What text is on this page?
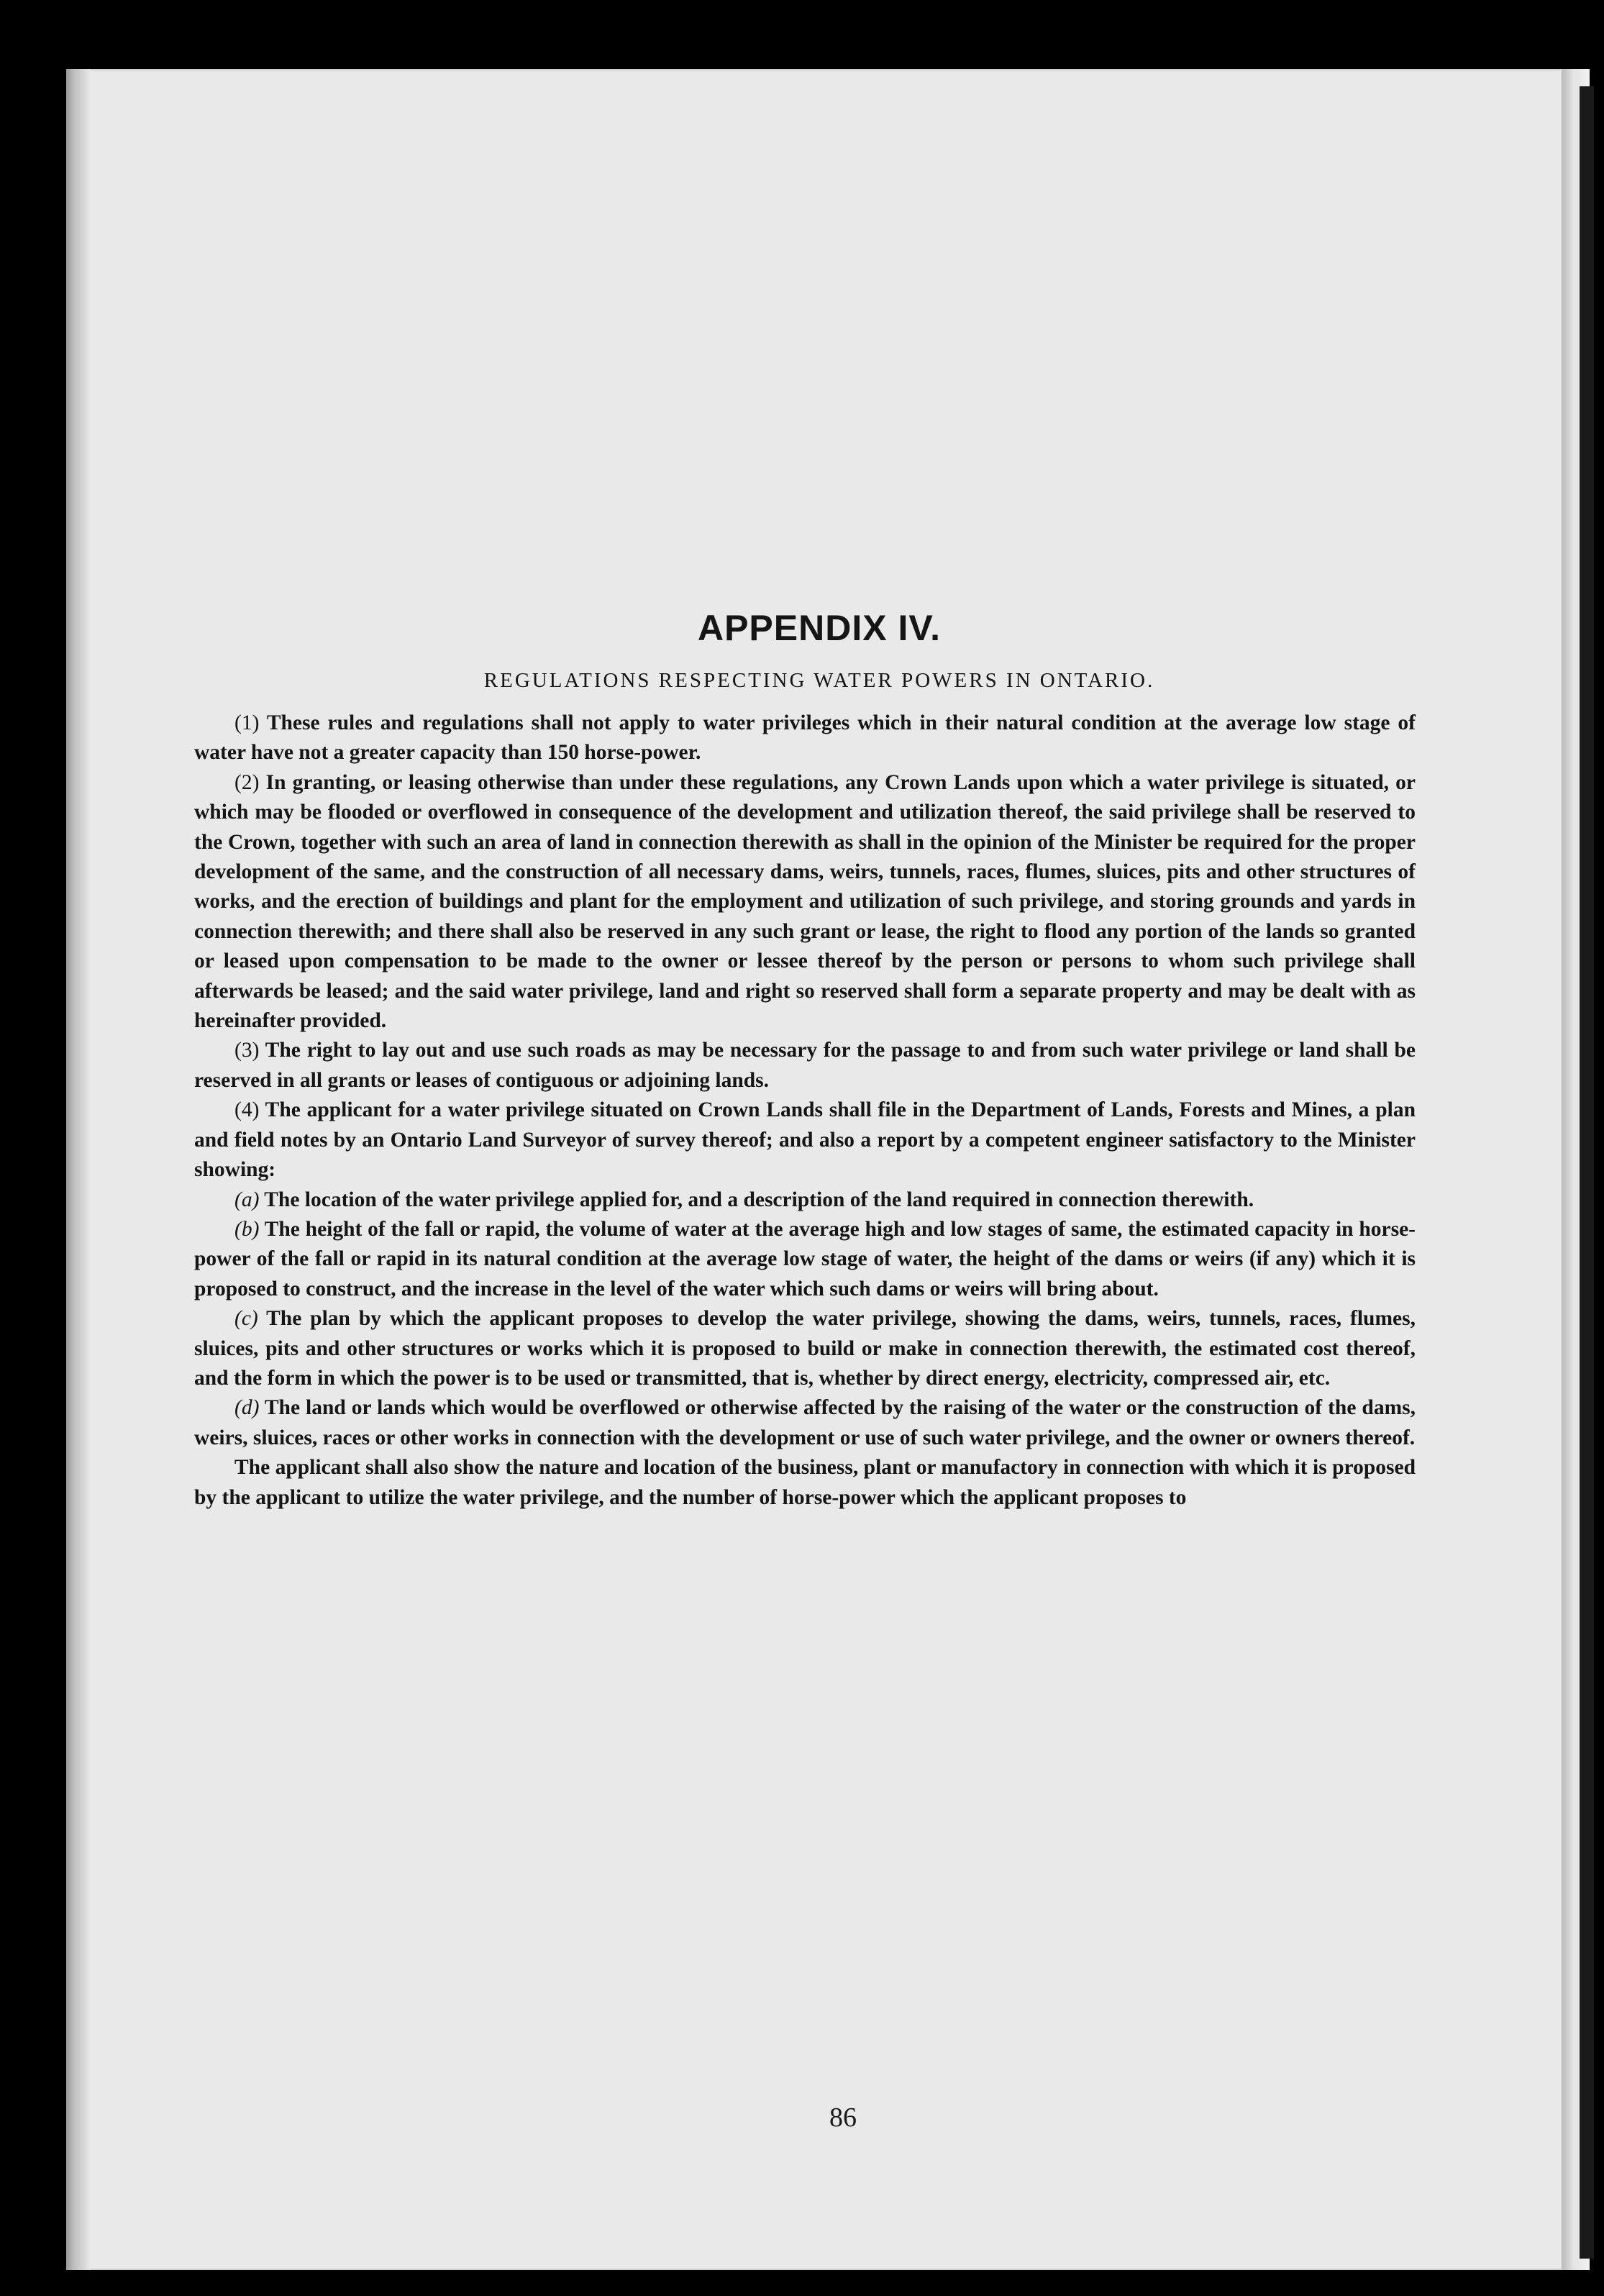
APPENDIX IV.
REGULATIONS RESPECTING WATER POWERS IN ONTARIO.

(1) These rules and regulations shall not apply to water privileges which in their natural condition at the average low stage of water have not a greater capacity than 150 horse-power.

(2) In granting, or leasing otherwise than under these regulations, any Crown Lands upon which a water privilege is situated, or which may be flooded or overflowed in consequence of the development and utilization thereof, the said privilege shall be reserved to the Crown, together with such an area of land in connection therewith as shall in the opinion of the Minister be required for the proper development of the same, and the construction of all necessary dams, weirs, tunnels, races, flumes, sluices, pits and other structures of works, and the erection of buildings and plant for the employment and utilization of such privilege, and storing grounds and yards in connection therewith; and there shall also be reserved in any such grant or lease, the right to flood any portion of the lands so granted or leased upon compensation to be made to the owner or lessee thereof by the person or persons to whom such privilege shall afterwards be leased; and the said water privilege, land and right so reserved shall form a separate property and may be dealt with as hereinafter provided.

(3) The right to lay out and use such roads as may be necessary for the passage to and from such water privilege or land shall be reserved in all grants or leases of contiguous or adjoining lands.

(4) The applicant for a water privilege situated on Crown Lands shall file in the Department of Lands, Forests and Mines, a plan and field notes by an Ontario Land Surveyor of survey thereof; and also a report by a competent engineer satisfactory to the Minister showing:

(a) The location of the water privilege applied for, and a description of the land required in connection therewith.

(b) The height of the fall or rapid, the volume of water at the average high and low stages of same, the estimated capacity in horse-power of the fall or rapid in its natural condition at the average low stage of water, the height of the dams or weirs (if any) which it is proposed to construct, and the increase in the level of the water which such dams or weirs will bring about.

(c) The plan by which the applicant proposes to develop the water privilege, showing the dams, weirs, tunnels, races, flumes, sluices, pits and other structures or works which it is proposed to build or make in connection therewith, the estimated cost thereof, and the form in which the power is to be used or transmitted, that is, whether by direct energy, electricity, compressed air, etc.

(d) The land or lands which would be overflowed or otherwise affected by the raising of the water or the construction of the dams, weirs, sluices, races or other works in connection with the development or use of such water privilege, and the owner or owners thereof.

The applicant shall also show the nature and location of the business, plant or manufactory in connection with which it is proposed by the applicant to utilize the water privilege, and the number of horse-power which the applicant proposes to

86
